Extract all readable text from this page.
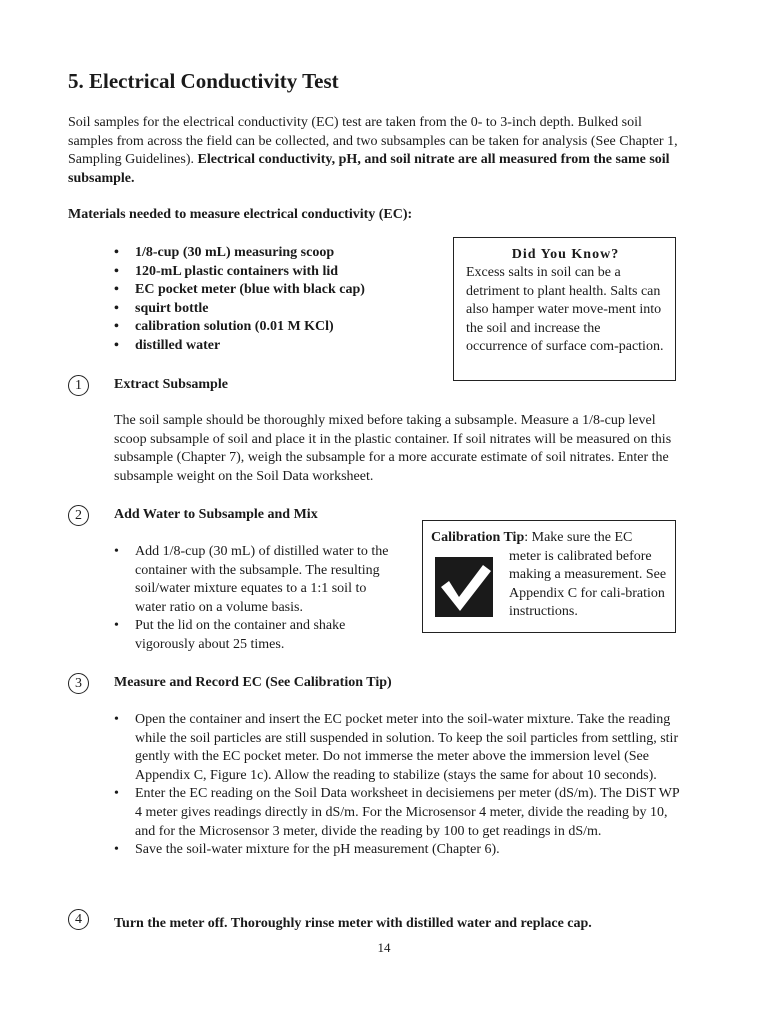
5. Electrical Conductivity Test

Soil samples for the electrical conductivity (EC) test are taken from the 0- to 3-inch depth. Bulked soil samples from across the field can be collected, and two subsamples can be taken for analysis (See Chapter 1, Sampling Guidelines). Electrical conductivity, pH, and soil nitrate are all measured from the same soil subsample.

Materials needed to measure electrical conductivity (EC):
• 1/8-cup (30 mL) measuring scoop
• 120-mL plastic containers with lid
• EC pocket meter (blue with black cap)
• squirt bottle
• calibration solution (0.01 M KCl)
• distilled water
Did You Know?
Excess salts in soil can be a detriment to plant health. Salts can also hamper water move-ment into the soil and increase the occurrence of surface com-paction.
1	Extract Subsample

The soil sample should be thoroughly mixed before taking a subsample. Measure a 1/8-cup level scoop subsample of soil and place it in the plastic container. If soil nitrates will be measured on this subsample (Chapter 7), weigh the subsample for a more accurate estimate of soil nitrates. Enter the subsample weight on the Soil Data worksheet.

2	Add Water to Subsample and Mix
• Add 1/8-cup (30 mL) of distilled water to the container with the subsample. The resulting soil/water mixture equates to a 1:1 soil to water ratio on a volume basis.
• Put the lid on the container and shake vigorously about 25 times.
Calibration Tip: Make sure the EC
meter is calibrated before making a measurement. See Appendix C for cali-bration instructions.
3	Measure and Record EC (See Calibration Tip)
• Open the container and insert the EC pocket meter into the soil-water mixture. Take the reading while the soil particles are still suspended in solution. To keep the soil particles from settling, stir gently with the EC pocket meter. Do not immerse the meter above the immersion level (See Appendix C, Figure 1c). Allow the reading to stabilize (stays the same for about 10 seconds).
• Enter the EC reading on the Soil Data worksheet in decisiemens per meter (dS/m). The DiST WP 4 meter gives readings directly in dS/m. For the Microsensor 4 meter, divide the reading by 10, and for the Microsensor 3 meter, divide the reading by 100 to get readings in dS/m.
• Save the soil-water mixture for the pH measurement (Chapter 6).
4	Turn the meter off. Thoroughly rinse meter with distilled water and replace cap.
14
